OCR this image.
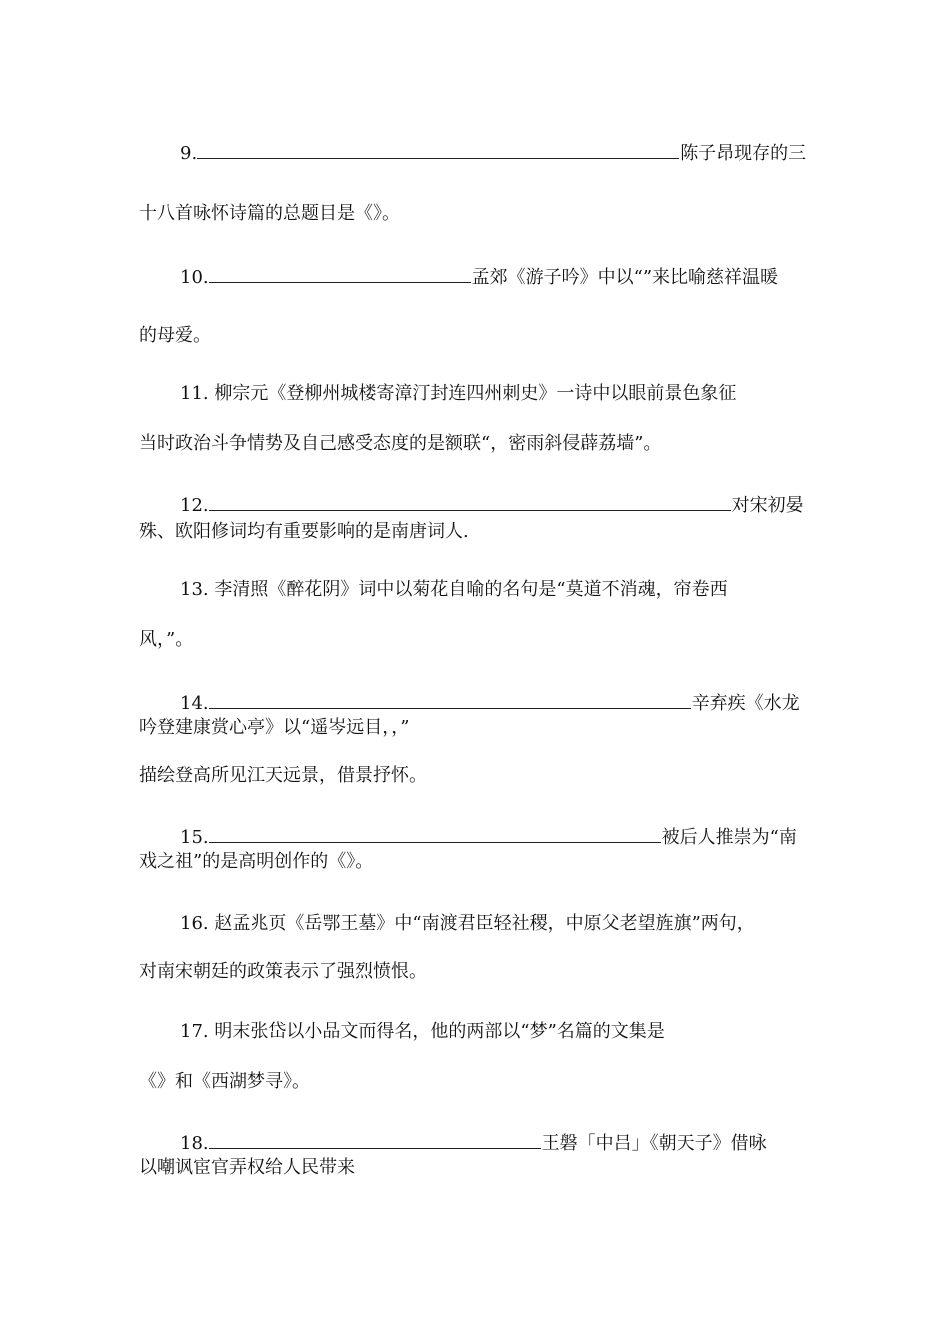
9.	陈子昂现存的三
十八首咏怀诗篇的总题目是《》。
10.	孟郊《游子吟》中以“”来比喻慈祥温暖
的母爱。
11. 柳宗元《登柳州城楼寄漳汀封连四州刺史》一诗中以眼前景色象征
当时政治斗争情势及自己感受态度的是额联“，密雨斜侵薜荔墙”。
12.	对宋初晏
殊、欧阳修词均有重要影响的是南唐词人.
13. 李清照《醉花阴》词中以菊花自喻的名句是“莫道不消魂，帘卷西
风，”。
14.	辛弃疾《水龙
吟登建康赏心亭》以“遥岑远目，，”
描绘登高所见江天远景，借景抒怀。
15.	被后人推崇为“南
戏之祖”的是高明创作的《》。
16. 赵孟兆页《岳鄂王墓》中“南渡君臣轻社稷，中原父老望旌旗”两句，
对南宋朝廷的政策表示了强烈愤恨。
17. 明末张岱以小品文而得名，他的两部以“梦”名篇的文集是
《》和《西湖梦寻》。
18.	王磐「中吕」《朝天子》借咏
以嘲讽宦官弄权给人民带来
